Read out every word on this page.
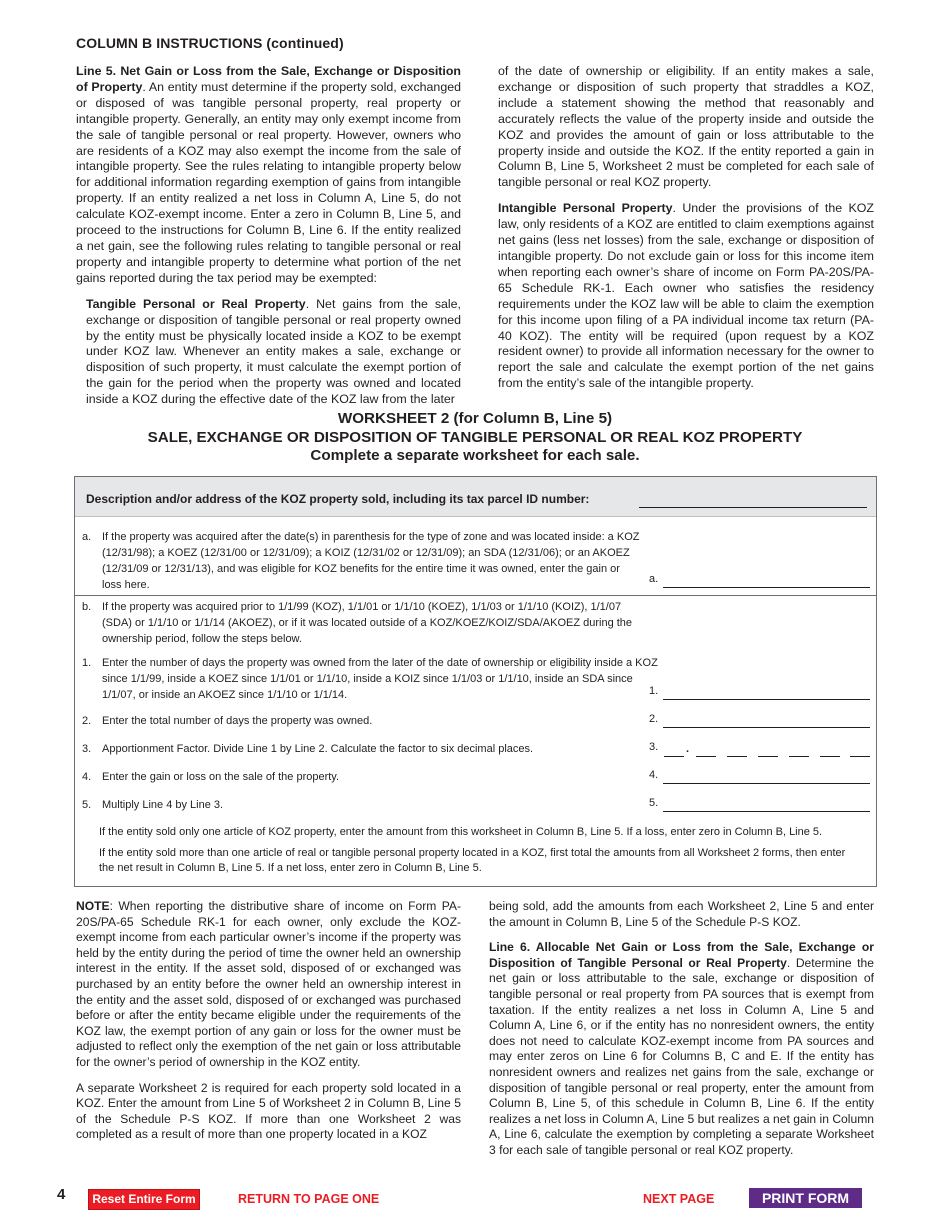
COLUMN B INSTRUCTIONS (continued)

Line 5. Net Gain or Loss from the Sale, Exchange or Disposition of Property. An entity must determine if the property sold, exchanged or disposed of was tangible personal property, real property or intangible property. Generally, an entity may only exempt income from the sale of tangible personal or real property. However, owners who are residents of a KOZ may also exempt the income from the sale of intangible property. See the rules relating to intangible property below for additional information regarding exemption of gains from intangible property. If an entity realized a net loss in Column A, Line 5, do not calculate KOZ-exempt income. Enter a zero in Column B, Line 5, and proceed to the instructions for Column B, Line 6. If the entity realized a net gain, see the following rules relating to tangible personal or real property and intangible property to determine what portion of the net gains reported during the tax period may be exempted:

Tangible Personal or Real Property. Net gains from the sale, exchange or disposition of tangible personal or real property owned by the entity must be physically located inside a KOZ to be exempt under KOZ law. Whenever an entity makes a sale, exchange or disposition of such property, it must calculate the exempt portion of the gain for the period when the property was owned and located inside a KOZ during the effective date of the KOZ law from the later

of the date of ownership or eligibility. If an entity makes a sale, exchange or disposition of such property that straddles a KOZ, include a statement showing the method that reasonably and accurately reflects the value of the property inside and outside the KOZ and provides the amount of gain or loss attributable to the property inside and outside the KOZ. If the entity reported a gain in Column B, Line 5, Worksheet 2 must be completed for each sale of tangible personal or real KOZ property.

Intangible Personal Property. Under the provisions of the KOZ law, only residents of a KOZ are entitled to claim exemptions against net gains (less net losses) from the sale, exchange or disposition of intangible property. Do not exclude gain or loss for this income item when reporting each owner’s share of income on Form PA-20S/PA-65 Schedule RK-1. Each owner who satisfies the residency requirements under the KOZ law will be able to claim the exemption for this income upon filing of a PA individual income tax return (PA-40 KOZ). The entity will be required (upon request by a KOZ resident owner) to provide all information necessary for the owner to report the sale and calculate the exempt portion of the net gains from the entity’s sale of the intangible property.

WORKSHEET 2 (for Column B, Line 5)
SALE, EXCHANGE OR DISPOSITION OF TANGIBLE PERSONAL OR REAL KOZ PROPERTY
Complete a separate worksheet for each sale.
Description and/or address of the KOZ property sold, including its tax parcel ID number:
a. If the property was acquired after the date(s) in parenthesis for the type of zone and was located inside: a KOZ (12/31/98); a KOEZ (12/31/00 or 12/31/09); a KOIZ (12/31/02 or 12/31/09); an SDA (12/31/06); or an AKOEZ (12/31/09 or 12/31/13), and was eligible for KOZ benefits for the entire time it was owned, enter the gain or loss here.	a.
b. If the property was acquired prior to 1/1/99 (KOZ), 1/1/01 or 1/1/10 (KOEZ), 1/1/03 or 1/1/10 (KOIZ), 1/1/07 (SDA) or 1/1/10 or 1/1/14 (AKOEZ), or if it was located outside of a KOZ/KOEZ/KOIZ/SDA/AKOEZ during the ownership period, follow the steps below.
1. Enter the number of days the property was owned from the later of the date of ownership or eligibility inside a KOZ since 1/1/99, inside a KOEZ since 1/1/01 or 1/1/10, inside a KOIZ since 1/1/03 or 1/1/10, inside an SDA since 1/1/07, or inside an AKOEZ since 1/1/10 or 1/1/14.	1.
2. Enter the total number of days the property was owned.	2.
3. Apportionment Factor. Divide Line 1 by Line 2. Calculate the factor to six decimal places.	3.	.
4. Enter the gain or loss on the sale of the property.	4.
5. Multiply Line 4 by Line 3.	5.
If the entity sold only one article of KOZ property, enter the amount from this worksheet in Column B, Line 5. If a loss, enter zero in Column B, Line 5.
If the entity sold more than one article of real or tangible personal property located in a KOZ, first total the amounts from all Worksheet 2 forms, then enter the net result in Column B, Line 5. If a net loss, enter zero in Column B, Line 5.

NOTE: When reporting the distributive share of income on Form PA-20S/PA-65 Schedule RK-1 for each owner, only exclude the KOZ-exempt income from each particular owner’s income if the property was held by the entity during the period of time the owner held an ownership interest in the entity. If the asset sold, disposed of or exchanged was purchased by an entity before the owner held an ownership interest in the entity and the asset sold, disposed of or exchanged was purchased before or after the entity became eligible under the requirements of the KOZ law, the exempt portion of any gain or loss for the owner must be adjusted to reflect only the exemption of the net gain or loss attributable for the owner’s period of ownership in the KOZ entity.

A separate Worksheet 2 is required for each property sold located in a KOZ. Enter the amount from Line 5 of Worksheet 2 in Column B, Line 5 of the Schedule P-S KOZ. If more than one Worksheet 2 was completed as a result of more than one property located in a KOZ

being sold, add the amounts from each Worksheet 2, Line 5 and enter the amount in Column B, Line 5 of the Schedule P-S KOZ.

Line 6. Allocable Net Gain or Loss from the Sale, Exchange or Disposition of Tangible Personal or Real Property. Determine the net gain or loss attributable to the sale, exchange or disposition of tangible personal or real property from PA sources that is exempt from taxation. If the entity realizes a net loss in Column A, Line 5 and Column A, Line 6, or if the entity has no nonresident owners, the entity does not need to calculate KOZ-exempt income from PA sources and may enter zeros on Line 6 for Columns B, C and E. If the entity has nonresident owners and realizes net gains from the sale, exchange or disposition of tangible personal or real property, enter the amount from Column B, Line 5, of this schedule in Column B, Line 6. If the entity realizes a net loss in Column A, Line 5 but realizes a net gain in Column A, Line 6, calculate the exemption by completing a separate Worksheet 3 for each sale of tangible personal or real KOZ property.

4	Reset Entire Form	RETURN TO PAGE ONE	NEXT PAGE	PRINT FORM
